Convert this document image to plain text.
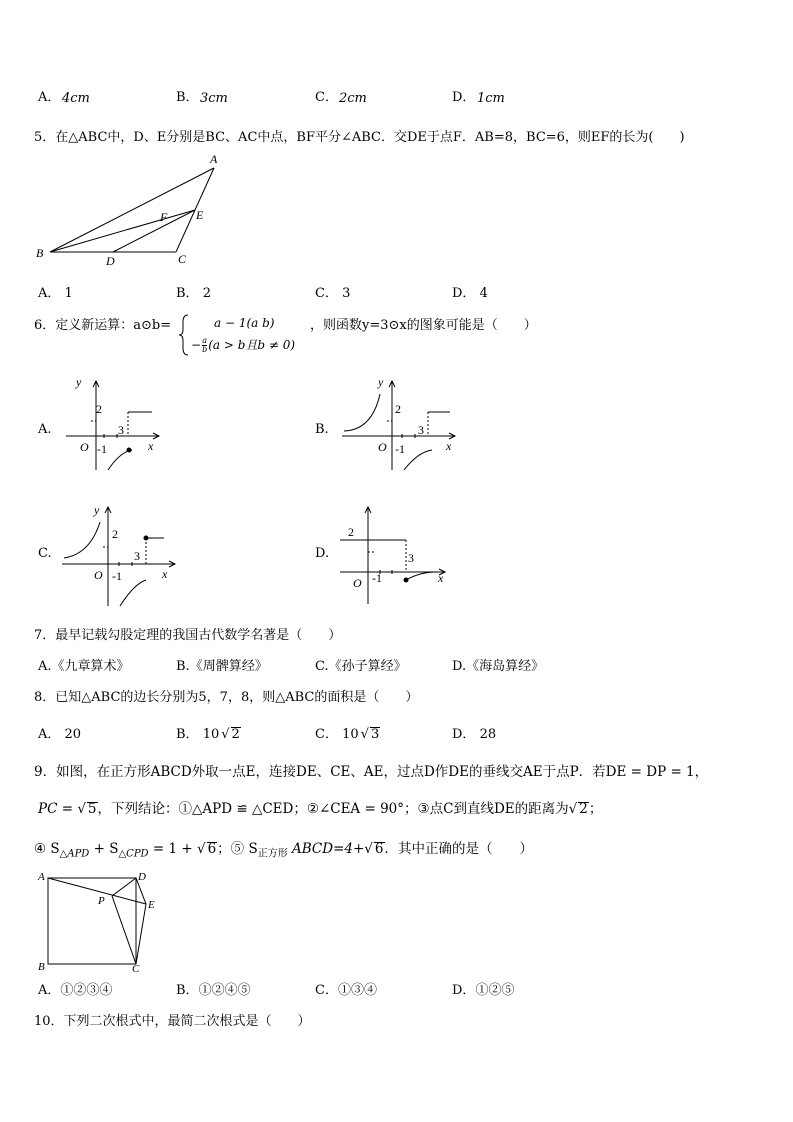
A． 4cm	B． 3cm	C． 2cm	D． 1cm
5．在△ABC中，D、E分别是BC、AC中点，BF平分∠ABC．交DE于点F．AB=8，BC=6，则EF的长为(　　)
A
B	C
D
E
F
A． 1	B． 2	C． 3	D． 4
6．定义新运算：a⊙b=	a − 1(a b)
− $\frac{a}{b} (a > b$且b ≠ 0)
，则函数y=3⊙x的图象可能是（　　）
A.
y
2
3
O -1	x
B.
y
2
3
O -1	x
C.
y
2
3
O -1	x
D.
2
3
O -1	x
7．最早记载勾股定理的我国古代数学名著是（　　）
A.《九章算术》	B.《周髀算经》	C.《孙子算经》	D.《海岛算经》
8．已知△ABC的边长分别为5，7，8，则△ABC的面积是（　　）
A． 20	B． 10 √ 2	C． 10 √ 3	D． 28
9．如图，在正方形ABCD外取一点E，连接DE、CE、AE，过点D作DE的垂线交AE于点P．若DE = DP = 1，
PC = √ 5，下列结论：①△APD ≌ △CED；②∠CEA = 90°；③点C到直线DE的距离为√ 2；
④ $S_{\triangle APD} + S_{\triangle CPD} = 1$ + √ 6；⑤ $S_{正方形}$ ABCD=4+√ 6．其中正确的是（　　）
A
B	C
D
E
P
A．①②③④	B．①②④⑤	C．①③④	D．①②⑤
10．下列二次根式中，最简二次根式是（　　）
